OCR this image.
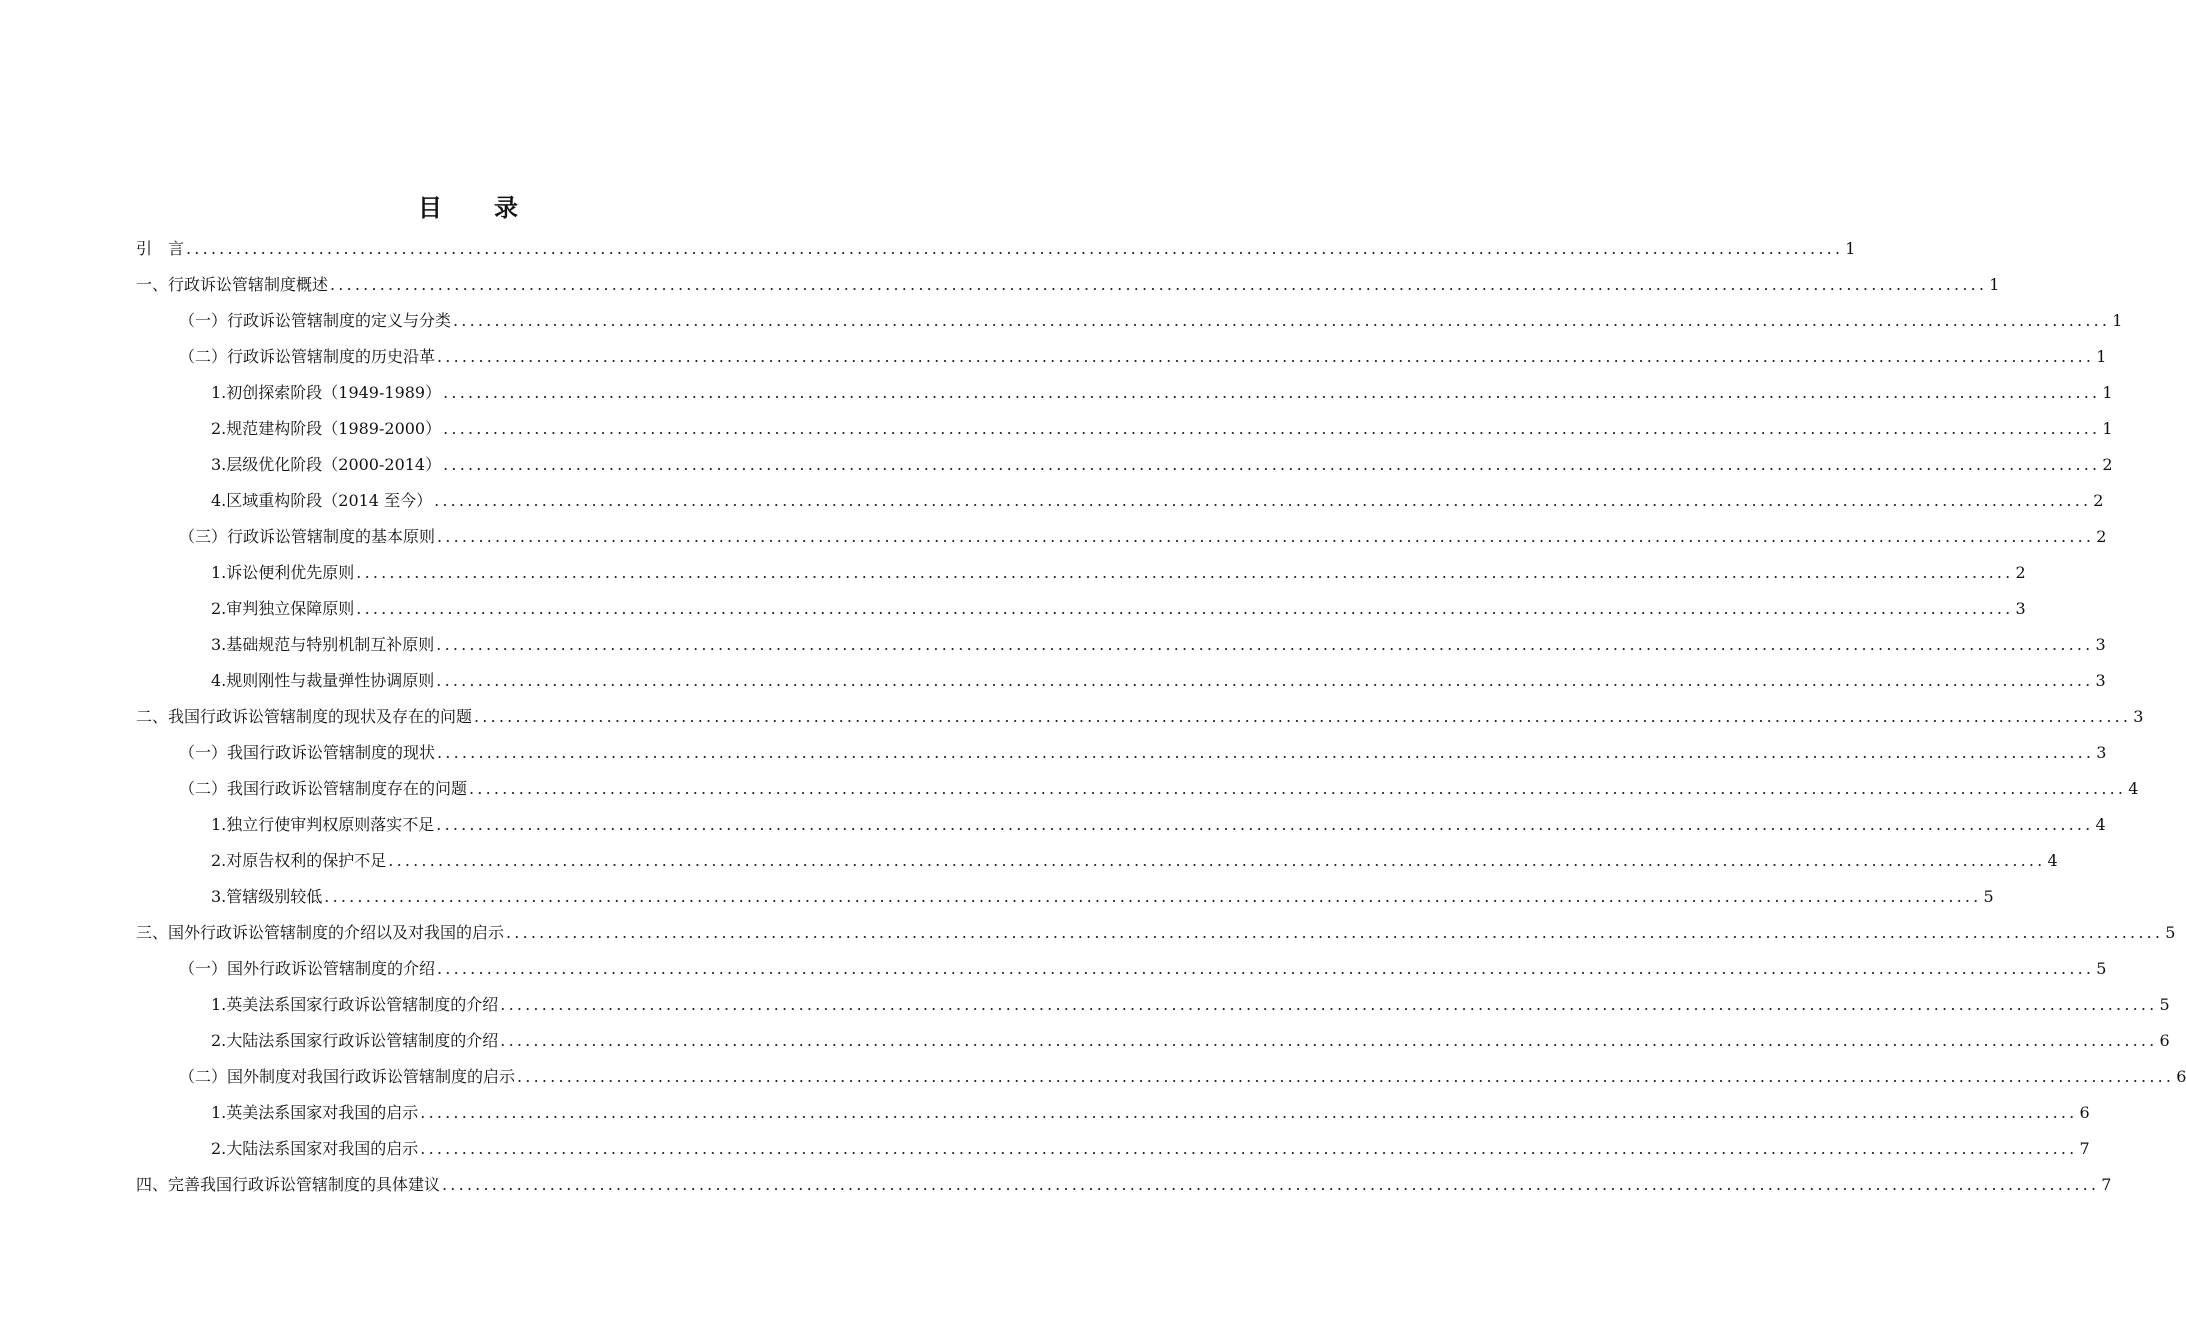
目　录
引　言 ........................................................................................................................................................................................................ 1
一、行政诉讼管辖制度概述 ........................................................................................................................................................................................................ 1
（一）行政诉讼管辖制度的定义与分类 ........................................................................................................................................................................................................ 1
（二）行政诉讼管辖制度的历史沿革 ........................................................................................................................................................................................................ 1
1.初创探索阶段（1949-1989） ........................................................................................................................................................................................................ 1
2.规范建构阶段（1989-2000） ........................................................................................................................................................................................................ 1
3.层级优化阶段（2000-2014） ........................................................................................................................................................................................................ 2
4.区域重构阶段（2014 至今） ........................................................................................................................................................................................................ 2
（三）行政诉讼管辖制度的基本原则 ........................................................................................................................................................................................................ 2
1.诉讼便利优先原则 ........................................................................................................................................................................................................ 2
2.审判独立保障原则 ........................................................................................................................................................................................................ 3
3.基础规范与特别机制互补原则 ........................................................................................................................................................................................................ 3
4.规则刚性与裁量弹性协调原则 ........................................................................................................................................................................................................ 3
二、我国行政诉讼管辖制度的现状及存在的问题 ........................................................................................................................................................................................................ 3
（一）我国行政诉讼管辖制度的现状 ........................................................................................................................................................................................................ 3
（二）我国行政诉讼管辖制度存在的问题 ........................................................................................................................................................................................................ 4
1.独立行使审判权原则落实不足 ........................................................................................................................................................................................................ 4
2.对原告权利的保护不足 ........................................................................................................................................................................................................ 4
3.管辖级别较低 ........................................................................................................................................................................................................ 5
三、国外行政诉讼管辖制度的介绍以及对我国的启示 ........................................................................................................................................................................................................ 5
（一）国外行政诉讼管辖制度的介绍 ........................................................................................................................................................................................................ 5
1.英美法系国家行政诉讼管辖制度的介绍 ........................................................................................................................................................................................................ 5
2.大陆法系国家行政诉讼管辖制度的介绍 ........................................................................................................................................................................................................ 6
（二）国外制度对我国行政诉讼管辖制度的启示 ........................................................................................................................................................................................................ 6
1.英美法系国家对我国的启示 ........................................................................................................................................................................................................ 6
2.大陆法系国家对我国的启示 ........................................................................................................................................................................................................ 7
四、完善我国行政诉讼管辖制度的具体建议 ........................................................................................................................................................................................................ 7
